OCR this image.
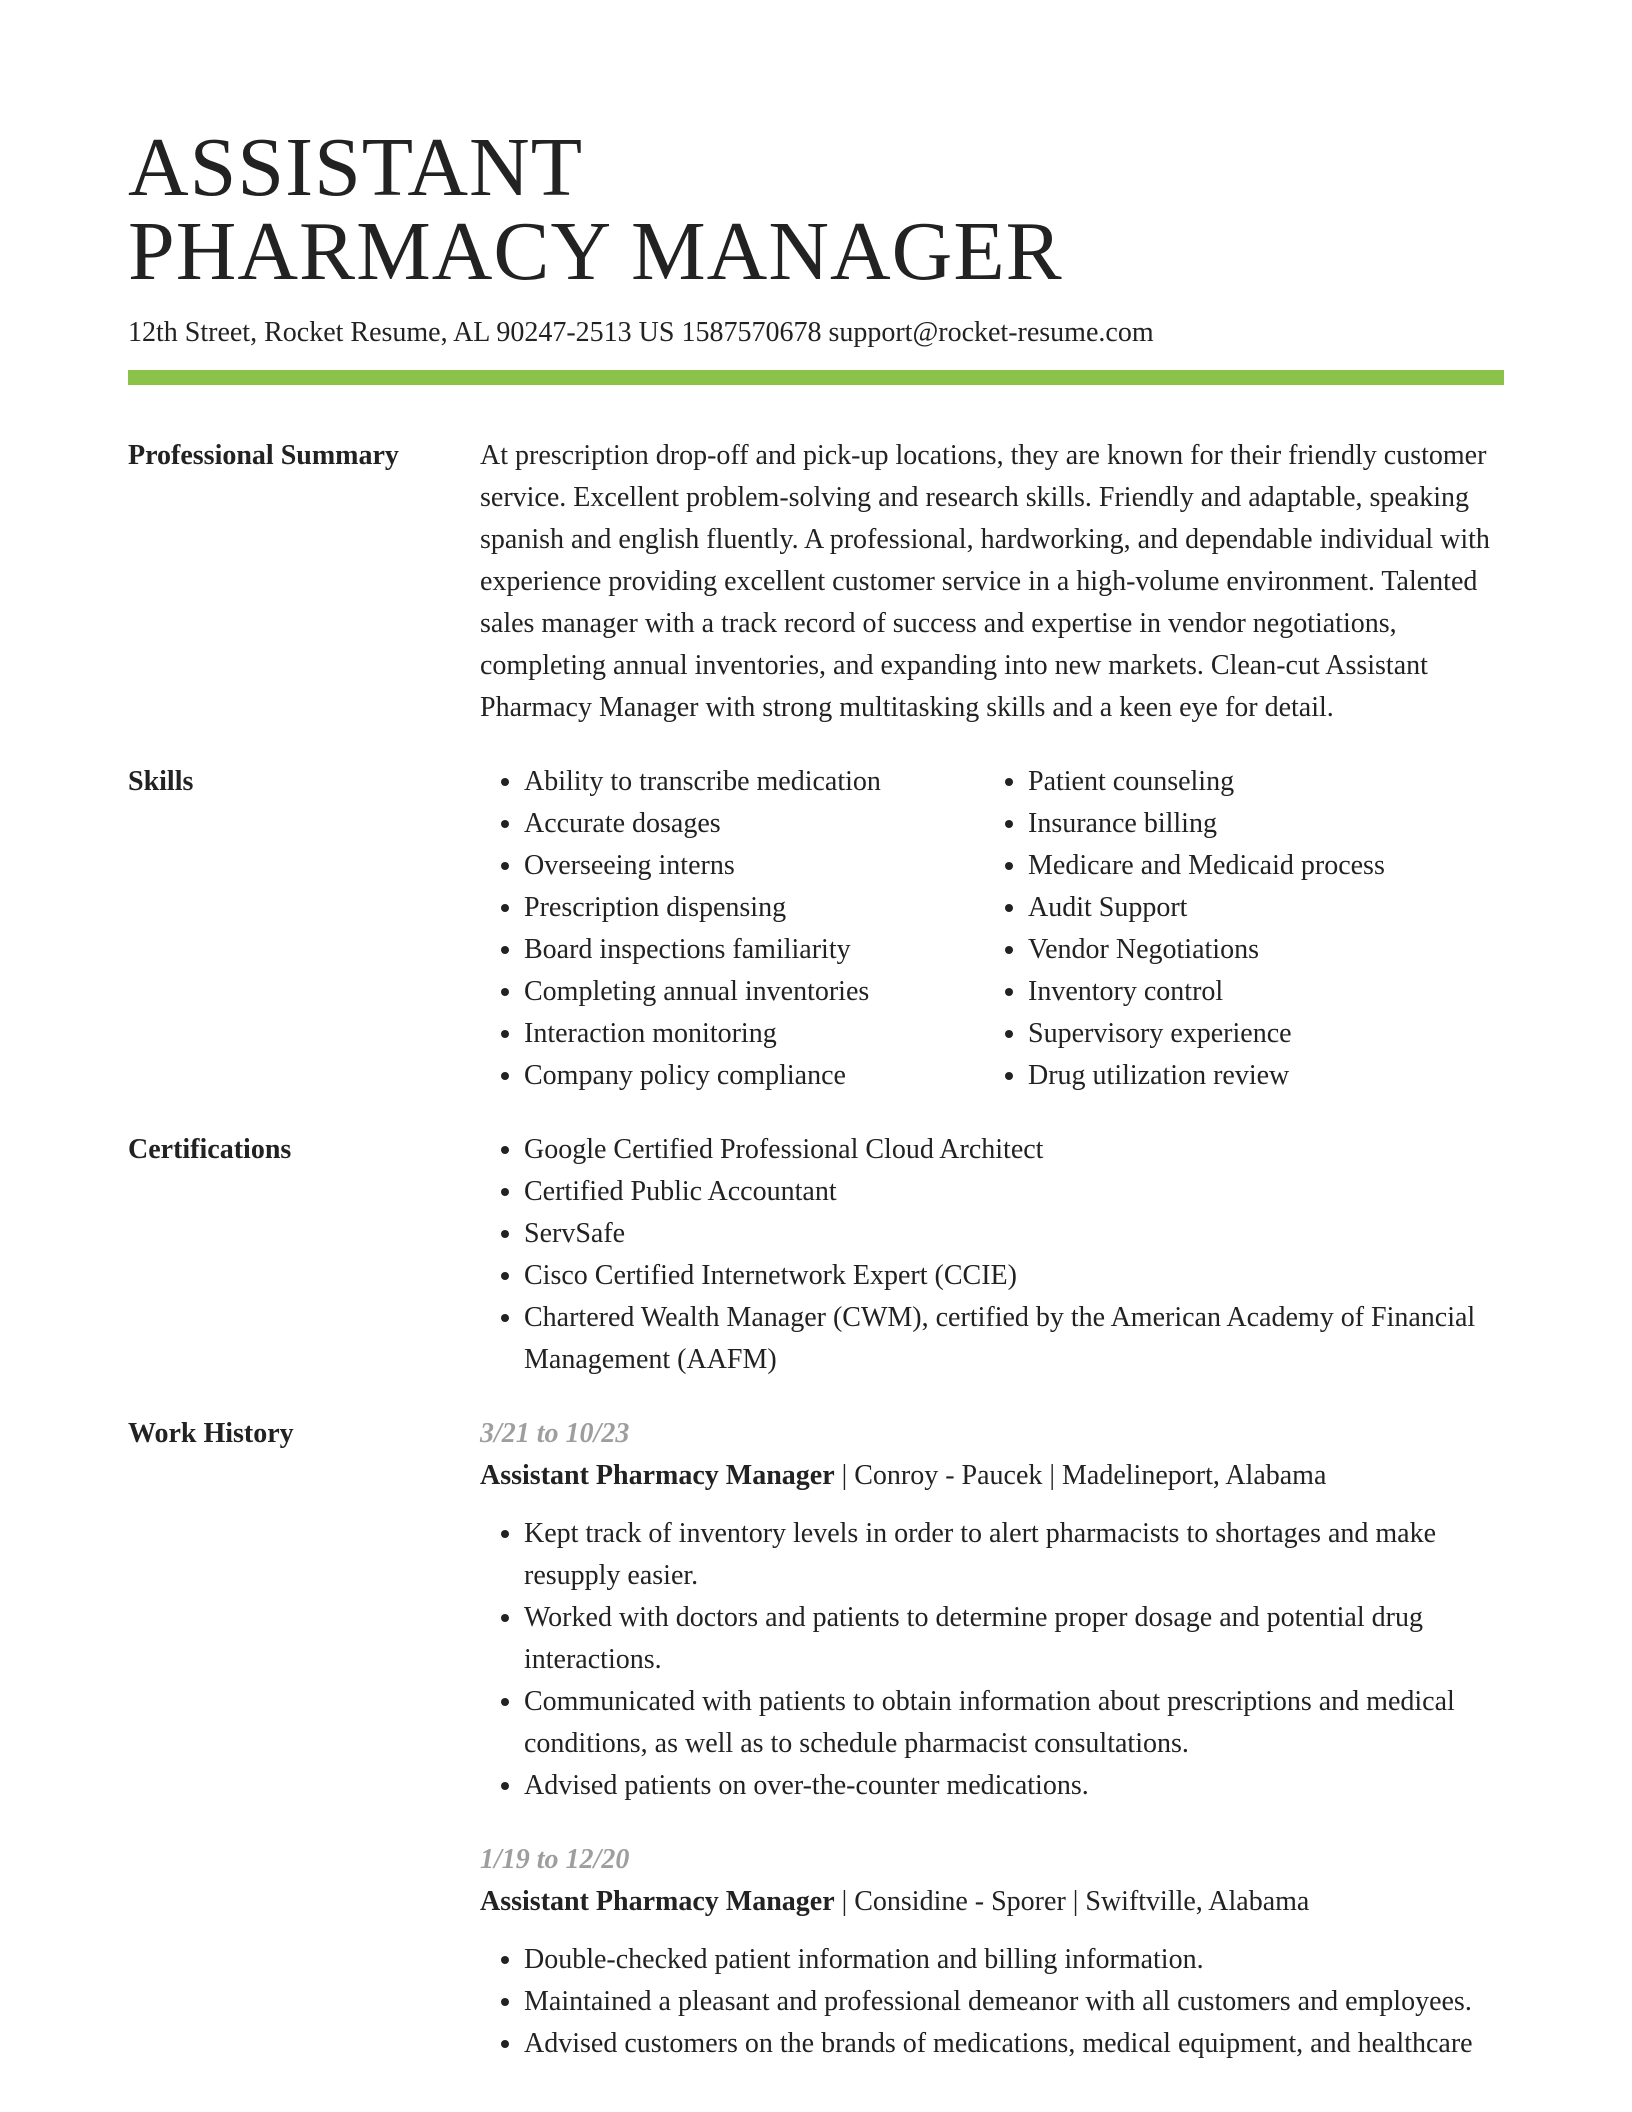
ASSISTANT
PHARMACY MANAGER
12th Street, Rocket Resume, AL 90247-2513 US 1587570678 support@rocket-resume.com
Professional Summary	At prescription drop-off and pick-up locations, they are known for their friendly customer service. Excellent problem-solving and research skills. Friendly and adaptable, speaking spanish and english fluently. A professional, hardworking, and dependable individual with experience providing excellent customer service in a high-volume environment. Talented sales manager with a track record of success and expertise in vendor negotiations, completing annual inventories, and expanding into new markets. Clean-cut Assistant Pharmacy Manager with strong multitasking skills and a keen eye for detail.
Skills	• Ability to transcribe medication
• Accurate dosages
• Overseeing interns
• Prescription dispensing
• Board inspections familiarity
• Completing annual inventories
• Interaction monitoring
• Company policy compliance
• Patient counseling
• Insurance billing
• Medicare and Medicaid process
• Audit Support
• Vendor Negotiations
• Inventory control
• Supervisory experience
• Drug utilization review
Certifications	• Google Certified Professional Cloud Architect
• Certified Public Accountant
• ServSafe
• Cisco Certified Internetwork Expert (CCIE)
• Chartered Wealth Manager (CWM), certified by the American Academy of Financial Management (AAFM)
Work History	3/21 to 10/23
Assistant Pharmacy Manager | Conroy - Paucek | Madelineport, Alabama
• Kept track of inventory levels in order to alert pharmacists to shortages and make resupply easier.
• Worked with doctors and patients to determine proper dosage and potential drug interactions.
• Communicated with patients to obtain information about prescriptions and medical conditions, as well as to schedule pharmacist consultations.
• Advised patients on over-the-counter medications.
1/19 to 12/20
Assistant Pharmacy Manager | Considine - Sporer | Swiftville, Alabama
• Double-checked patient information and billing information.
• Maintained a pleasant and professional demeanor with all customers and employees.
• Advised customers on the brands of medications, medical equipment, and healthcare
